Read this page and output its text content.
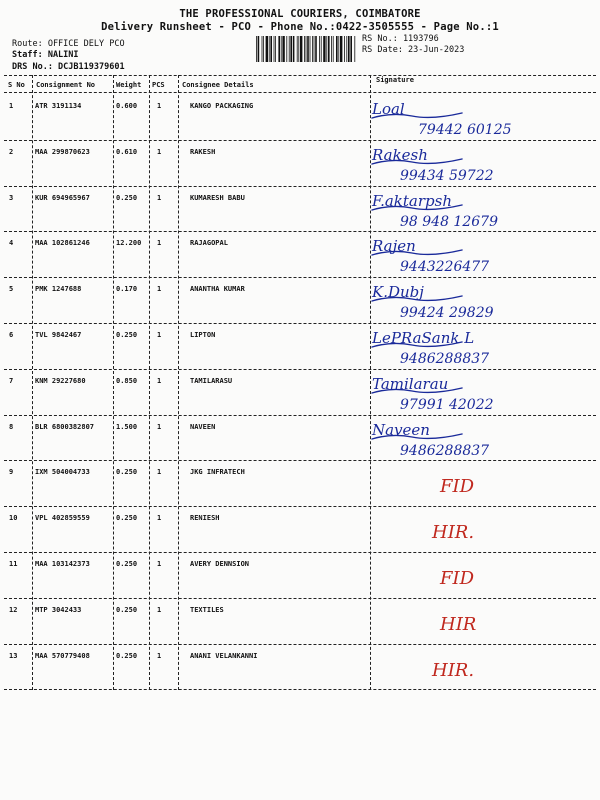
THE PROFESSIONAL COURIERS, COIMBATORE
Delivery Runsheet - PCO - Phone No.:0422-3505555 - Page No.:1
Route: OFFICE DELY PCO
Staff: NALINI
DRS No.: DCJB119379601
RS No.: 1193796
RS Date: 23-Jun-2023
S No Consignment No	Weight PCS Consignee Details
Signature
1	ATR 3191134	0.600	1	KANGO PACKAGING	Loal
79442 60125
2	MAA 299870623	0.610	1	RAKESH	Rakesh
99434 59722
3	KUR 694965967	0.250	1	KUMARESH BABU	F.aktarpsh
98 948 12679
4	MAA 102861246	12.200 1	RAJAGOPAL	Rajen
9443226477
5	PMK 1247688	0.170	1	ANANTHA KUMAR	K.Dubj
99424 29829
6	TVL 9842467	0.250	1	LIPTON	LePRaSank L
9486288837
7	KNM 29227680	0.850	1	TAMILARASU	Tamilarau
97991 42022
8	BLR 6800382807	1.500	1	NAVEEN	Naveen
9486288837
9	IXM 504004733	0.250	1	JKG INFRATECH
FID
10	VPL 402859559	0.250	1	RENIESH
HIR.
11	MAA 103142373	0.250	1	AVERY DENNSION
FID
12	MTP 3042433	0.250	1	TEXTILES
HIR
13	MAA 570779408	0.250	1	ANANI VELANKANNI
HIR.
